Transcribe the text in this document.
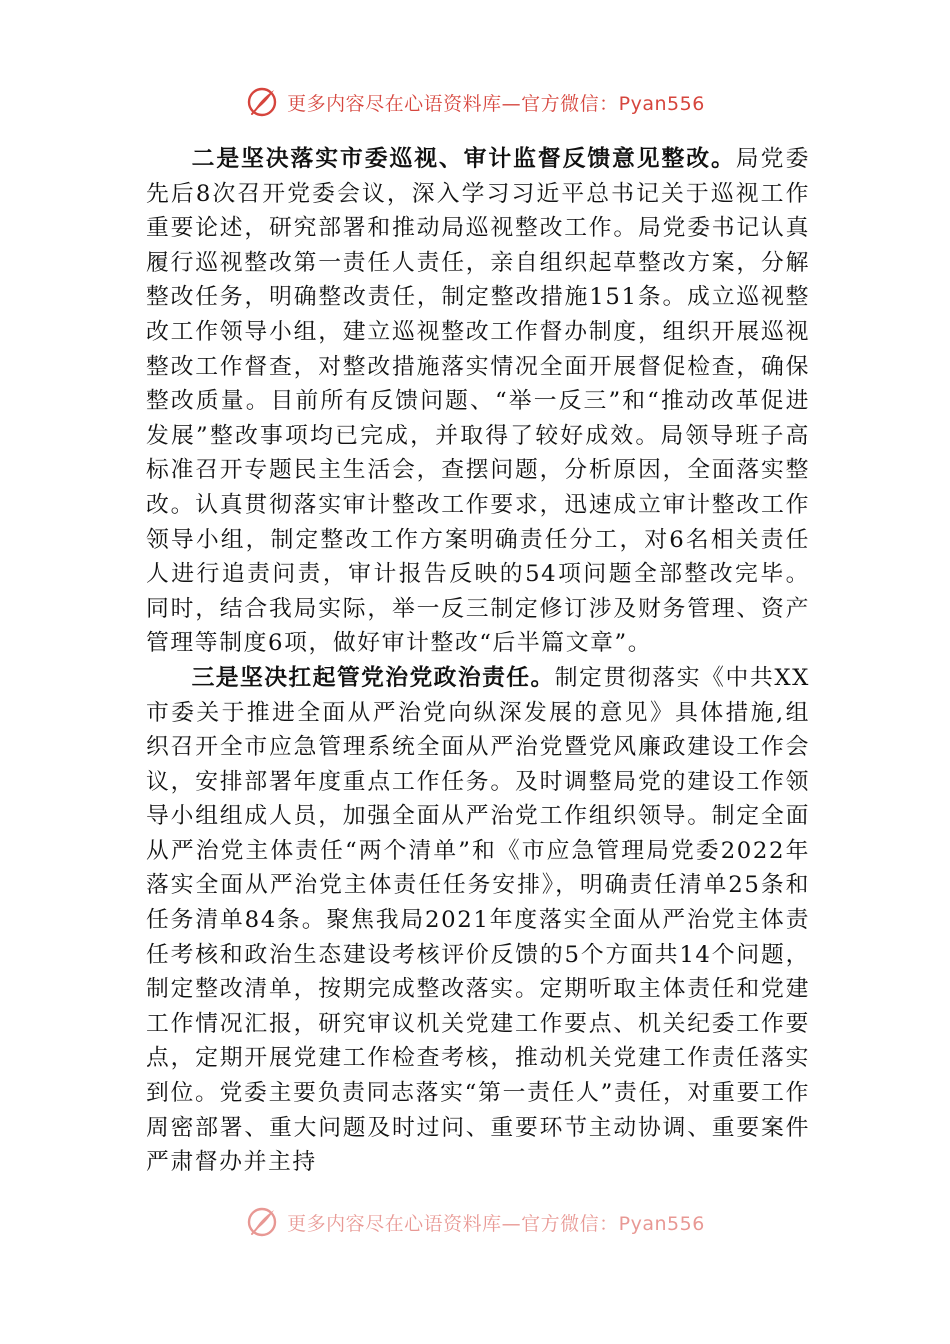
更多内容尽在心语资料库—官方微信：Pyan556

二是坚决落实市委巡视、审计监督反馈意见整改。局党委先后8次召开党委会议，深入学习习近平总书记关于巡视工作重要论述，研究部署和推动局巡视整改工作。局党委书记认真履行巡视整改第一责任人责任，亲自组织起草整改方案，分解整改任务，明确整改责任，制定整改措施151条。成立巡视整改工作领导小组，建立巡视整改工作督办制度，组织开展巡视整改工作督查，对整改措施落实情况全面开展督促检查，确保整改质量。目前所有反馈问题、“举一反三”和“推动改革促进发展”整改事项均已完成，并取得了较好成效。局领导班子高标准召开专题民主生活会，查摆问题，分析原因，全面落实整改。认真贯彻落实审计整改工作要求，迅速成立审计整改工作领导小组，制定整改工作方案明确责任分工，对6名相关责任人进行追责问责，审计报告反映的54项问题全部整改完毕。同时，结合我局实际，举一反三制定修订涉及财务管理、资产管理等制度6项，做好审计整改“后半篇文章”。

三是坚决扛起管党治党政治责任。制定贯彻落实《中共XX市委关于推进全面从严治党向纵深发展的意见》具体措施,组织召开全市应急管理系统全面从严治党暨党风廉政建设工作会议，安排部署年度重点工作任务。及时调整局党的建设工作领导小组组成人员，加强全面从严治党工作组织领导。制定全面从严治党主体责任“两个清单”和《市应急管理局党委2022年落实全面从严治党主体责任任务安排》，明确责任清单25条和任务清单84条。聚焦我局2021年度落实全面从严治党主体责任考核和政治生态建设考核评价反馈的5个方面共14个问题，制定整改清单，按期完成整改落实。定期听取主体责任和党建工作情况汇报，研究审议机关党建工作要点、机关纪委工作要点，定期开展党建工作检查考核，推动机关党建工作责任落实到位。党委主要负责同志落实“第一责任人”责任，对重要工作周密部署、重大问题及时过问、重要环节主动协调、重要案件严肃督办并主持

更多内容尽在心语资料库—官方微信：Pyan556
